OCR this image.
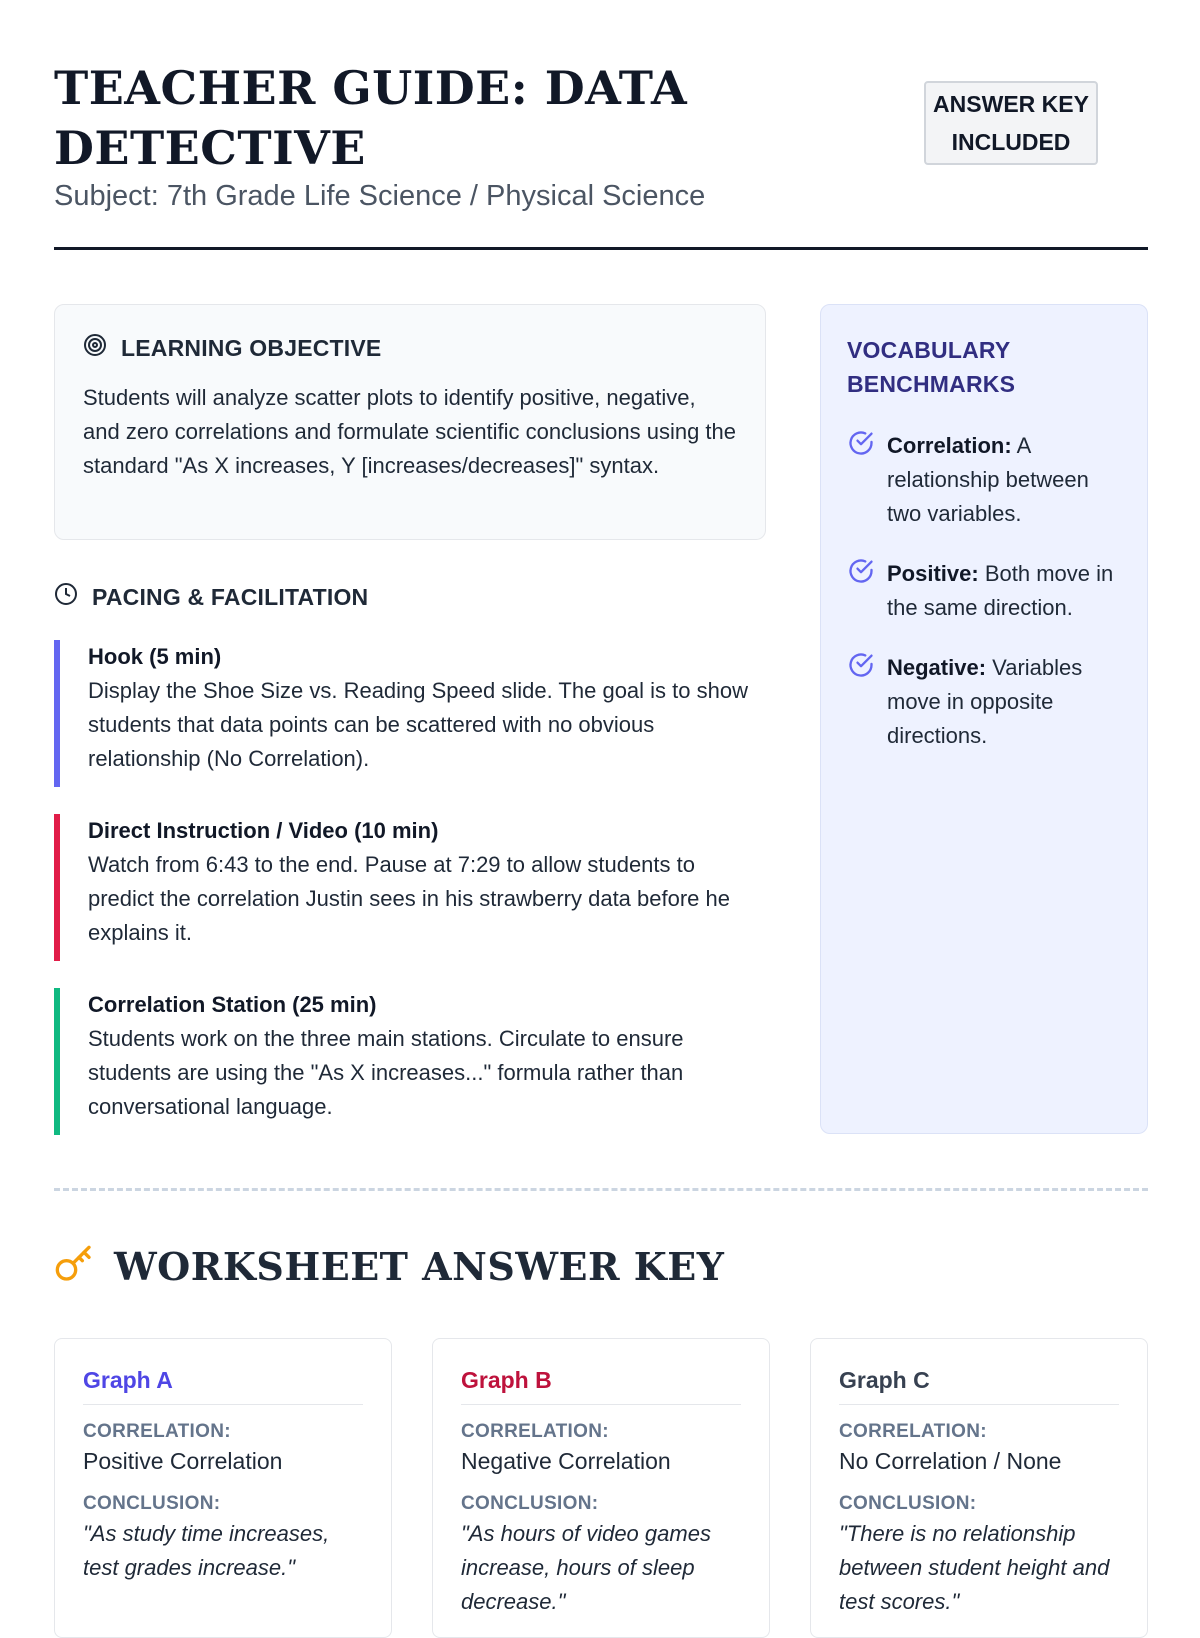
TEACHER GUIDE: DATA DETECTIVE
Subject: 7th Grade Life Science / Physical Science
ANSWER KEY INCLUDED
LEARNING OBJECTIVE

Students will analyze scatter plots to identify positive, negative, and zero correlations and formulate scientific conclusions using the standard "As X increases, Y [increases/decreases]" syntax.

PACING & FACILITATION
Hook (5 min)

Display the Shoe Size vs. Reading Speed slide. The goal is to show students that data points can be scattered with no obvious relationship (No Correlation).

Direct Instruction / Video (10 min)

Watch from 6:43 to the end. Pause at 7:29 to allow students to predict the correlation Justin sees in his strawberry data before he explains it.

Correlation Station (25 min)

Students work on the three main stations. Circulate to ensure students are using the "As X increases..." formula rather than conversational language.

VOCABULARY BENCHMARKS
Correlation: A relationship between two variables.
Positive: Both move in the same direction.
Negative: Variables move in opposite directions.
WORKSHEET ANSWER KEY
Graph A
CORRELATION:
Positive Correlation
CONCLUSION:
"As study time increases, test grades increase."
Graph B
CORRELATION:
Negative Correlation
CONCLUSION:
"As hours of video games increase, hours of sleep decrease."
Graph C
CORRELATION:
No Correlation / None
CONCLUSION:
"There is no relationship between student height and test scores."
